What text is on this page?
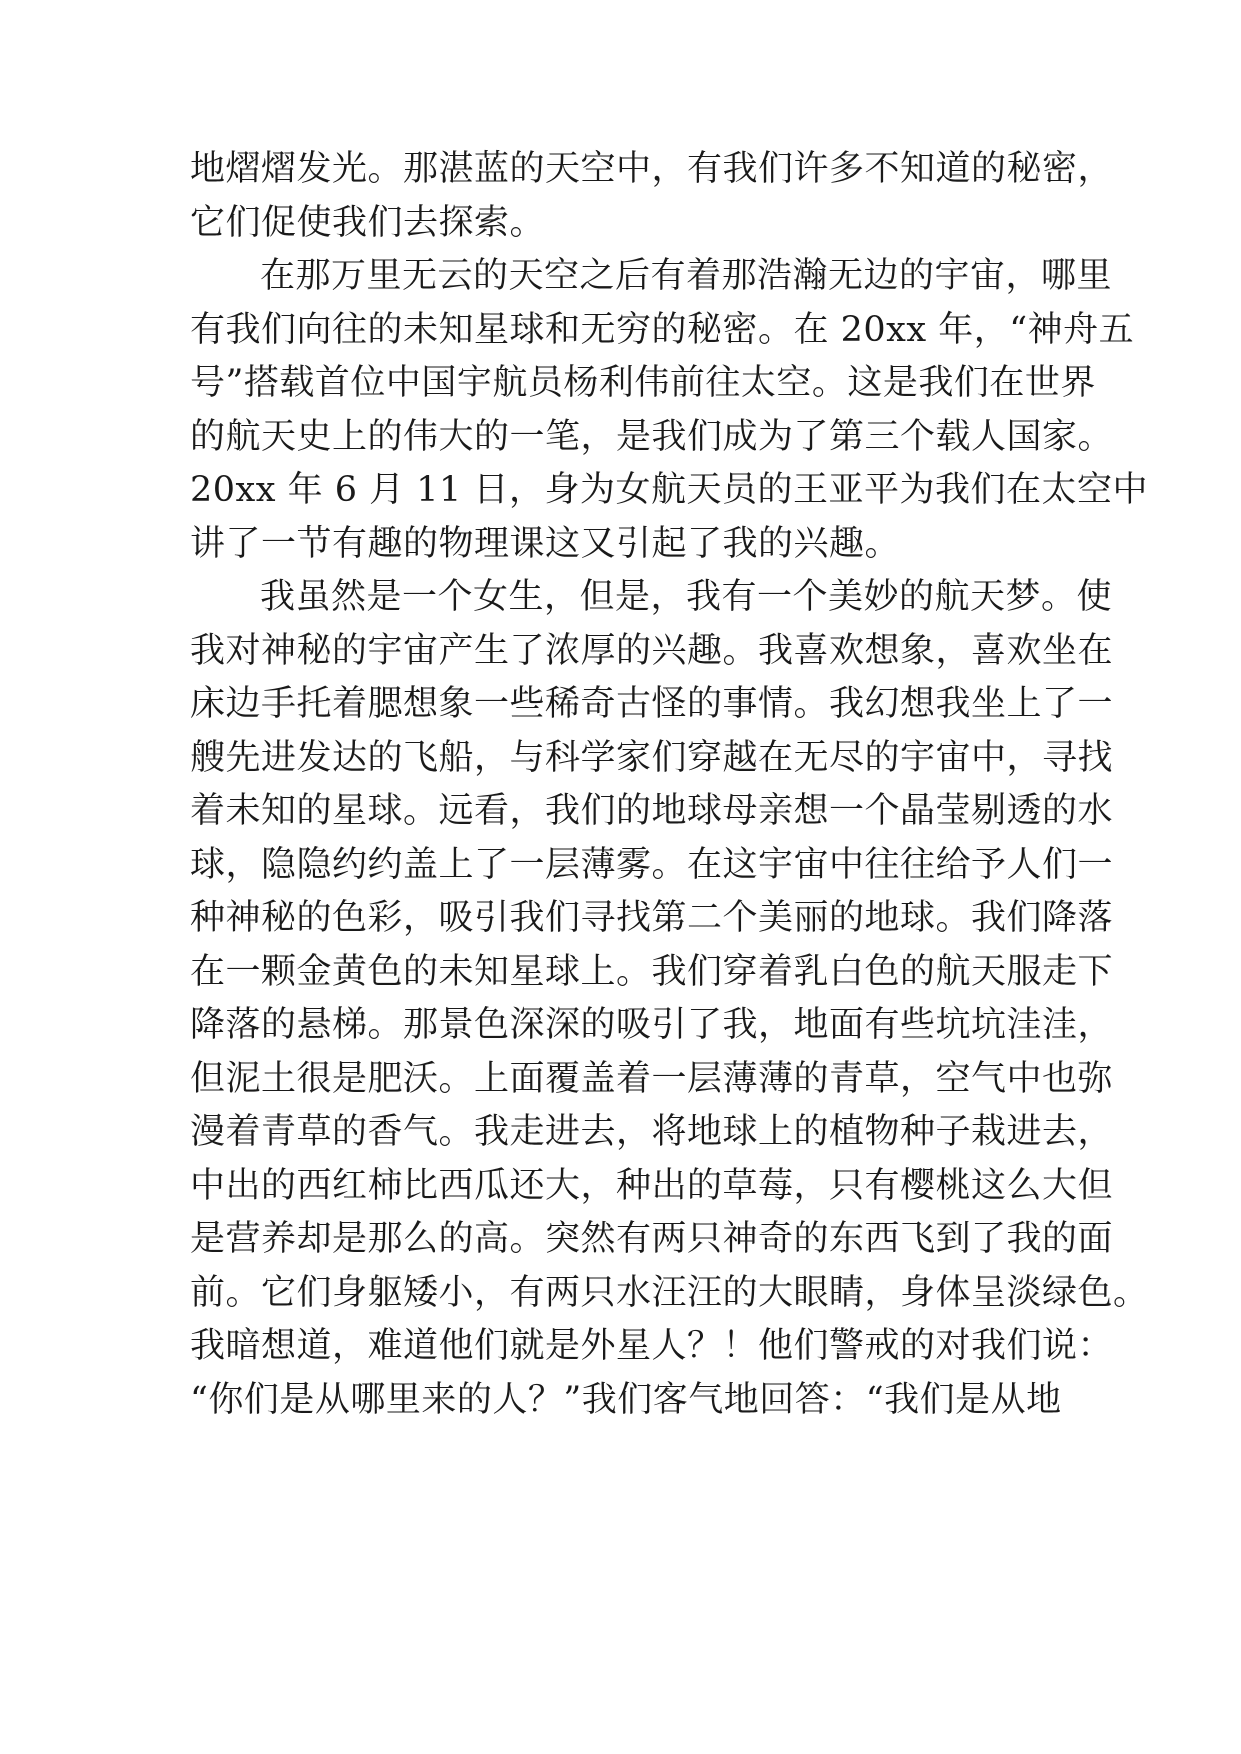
地熠熠发光。那湛蓝的天空中，有我们许多不知道的秘密，
它们促使我们去探索。
在那万里无云的天空之后有着那浩瀚无边的宇宙，哪里
有我们向往的未知星球和无穷的秘密。在 20xx 年，“神舟五
号”搭载首位中国宇航员杨利伟前往太空。这是我们在世界
的航天史上的伟大的一笔，是我们成为了第三个载人国家。
20xx 年 6 月 11 日，身为女航天员的王亚平为我们在太空中
讲了一节有趣的物理课这又引起了我的兴趣。
我虽然是一个女生，但是，我有一个美妙的航天梦。使
我对神秘的宇宙产生了浓厚的兴趣。我喜欢想象，喜欢坐在
床边手托着腮想象一些稀奇古怪的事情。我幻想我坐上了一
艘先进发达的飞船，与科学家们穿越在无尽的宇宙中，寻找
着未知的星球。远看，我们的地球母亲想一个晶莹剔透的水
球，隐隐约约盖上了一层薄雾。在这宇宙中往往给予人们一
种神秘的色彩，吸引我们寻找第二个美丽的地球。我们降落
在一颗金黄色的未知星球上。我们穿着乳白色的航天服走下
降落的悬梯。那景色深深的吸引了我，地面有些坑坑洼洼，
但泥土很是肥沃。上面覆盖着一层薄薄的青草，空气中也弥
漫着青草的香气。我走进去，将地球上的植物种子栽进去，
中出的西红柿比西瓜还大，种出的草莓，只有樱桃这么大但
是营养却是那么的高。突然有两只神奇的东西飞到了我的面
前。它们身躯矮小，有两只水汪汪的大眼睛，身体呈淡绿色。
我暗想道，难道他们就是外星人？！他们警戒的对我们说：
“你们是从哪里来的人？”我们客气地回答：“我们是从地
